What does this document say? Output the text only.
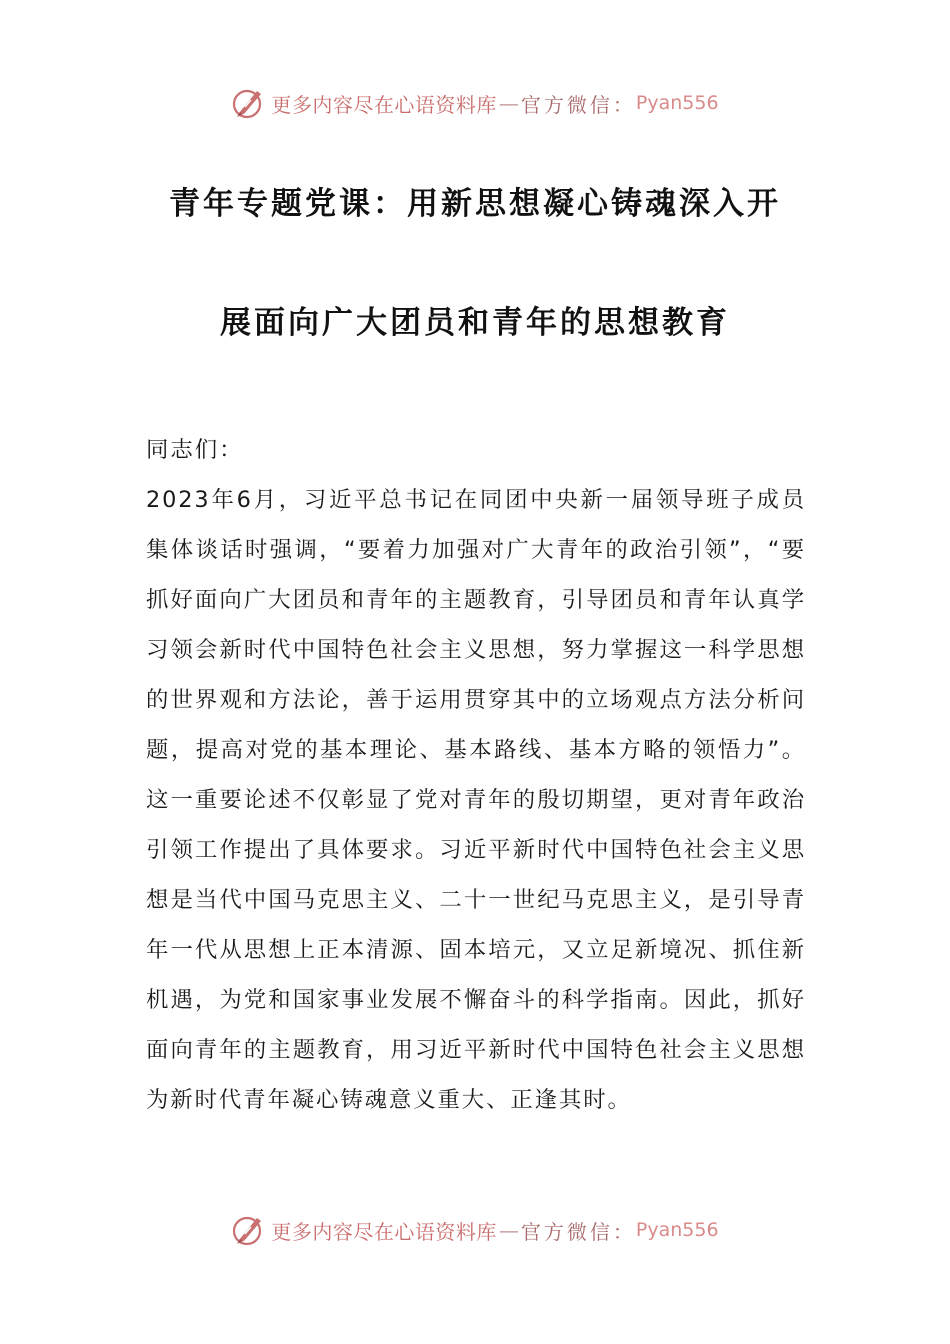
更多内容尽在心语资料库 — 官方微信： Pyan556
青年专题党课：用新思想凝心铸魂深入开
展面向广大团员和青年的思想教育

同志们：

2023年6月，习近平总书记在同团中央新一届领导班子成员集体谈话时强调，“要着力加强对广大青年的政治引领”，“要抓好面向广大团员和青年的主题教育，引导团员和青年认真学习领会新时代中国特色社会主义思想，努力掌握这一科学思想的世界观和方法论，善于运用贯穿其中的立场观点方法分析问题，提高对党的基本理论、基本路线、基本方略的领悟力”。这一重要论述不仅彰显了党对青年的殷切期望，更对青年政治引领工作提出了具体要求。习近平新时代中国特色社会主义思想是当代中国马克思主义、二十一世纪马克思主义，是引导青年一代从思想上正本清源、固本培元，又立足新境况、抓住新机遇，为党和国家事业发展不懈奋斗的科学指南。因此，抓好面向青年的主题教育，用习近平新时代中国特色社会主义思想为新时代青年凝心铸魂意义重大、正逢其时。

更多内容尽在心语资料库 — 官方微信： Pyan556
